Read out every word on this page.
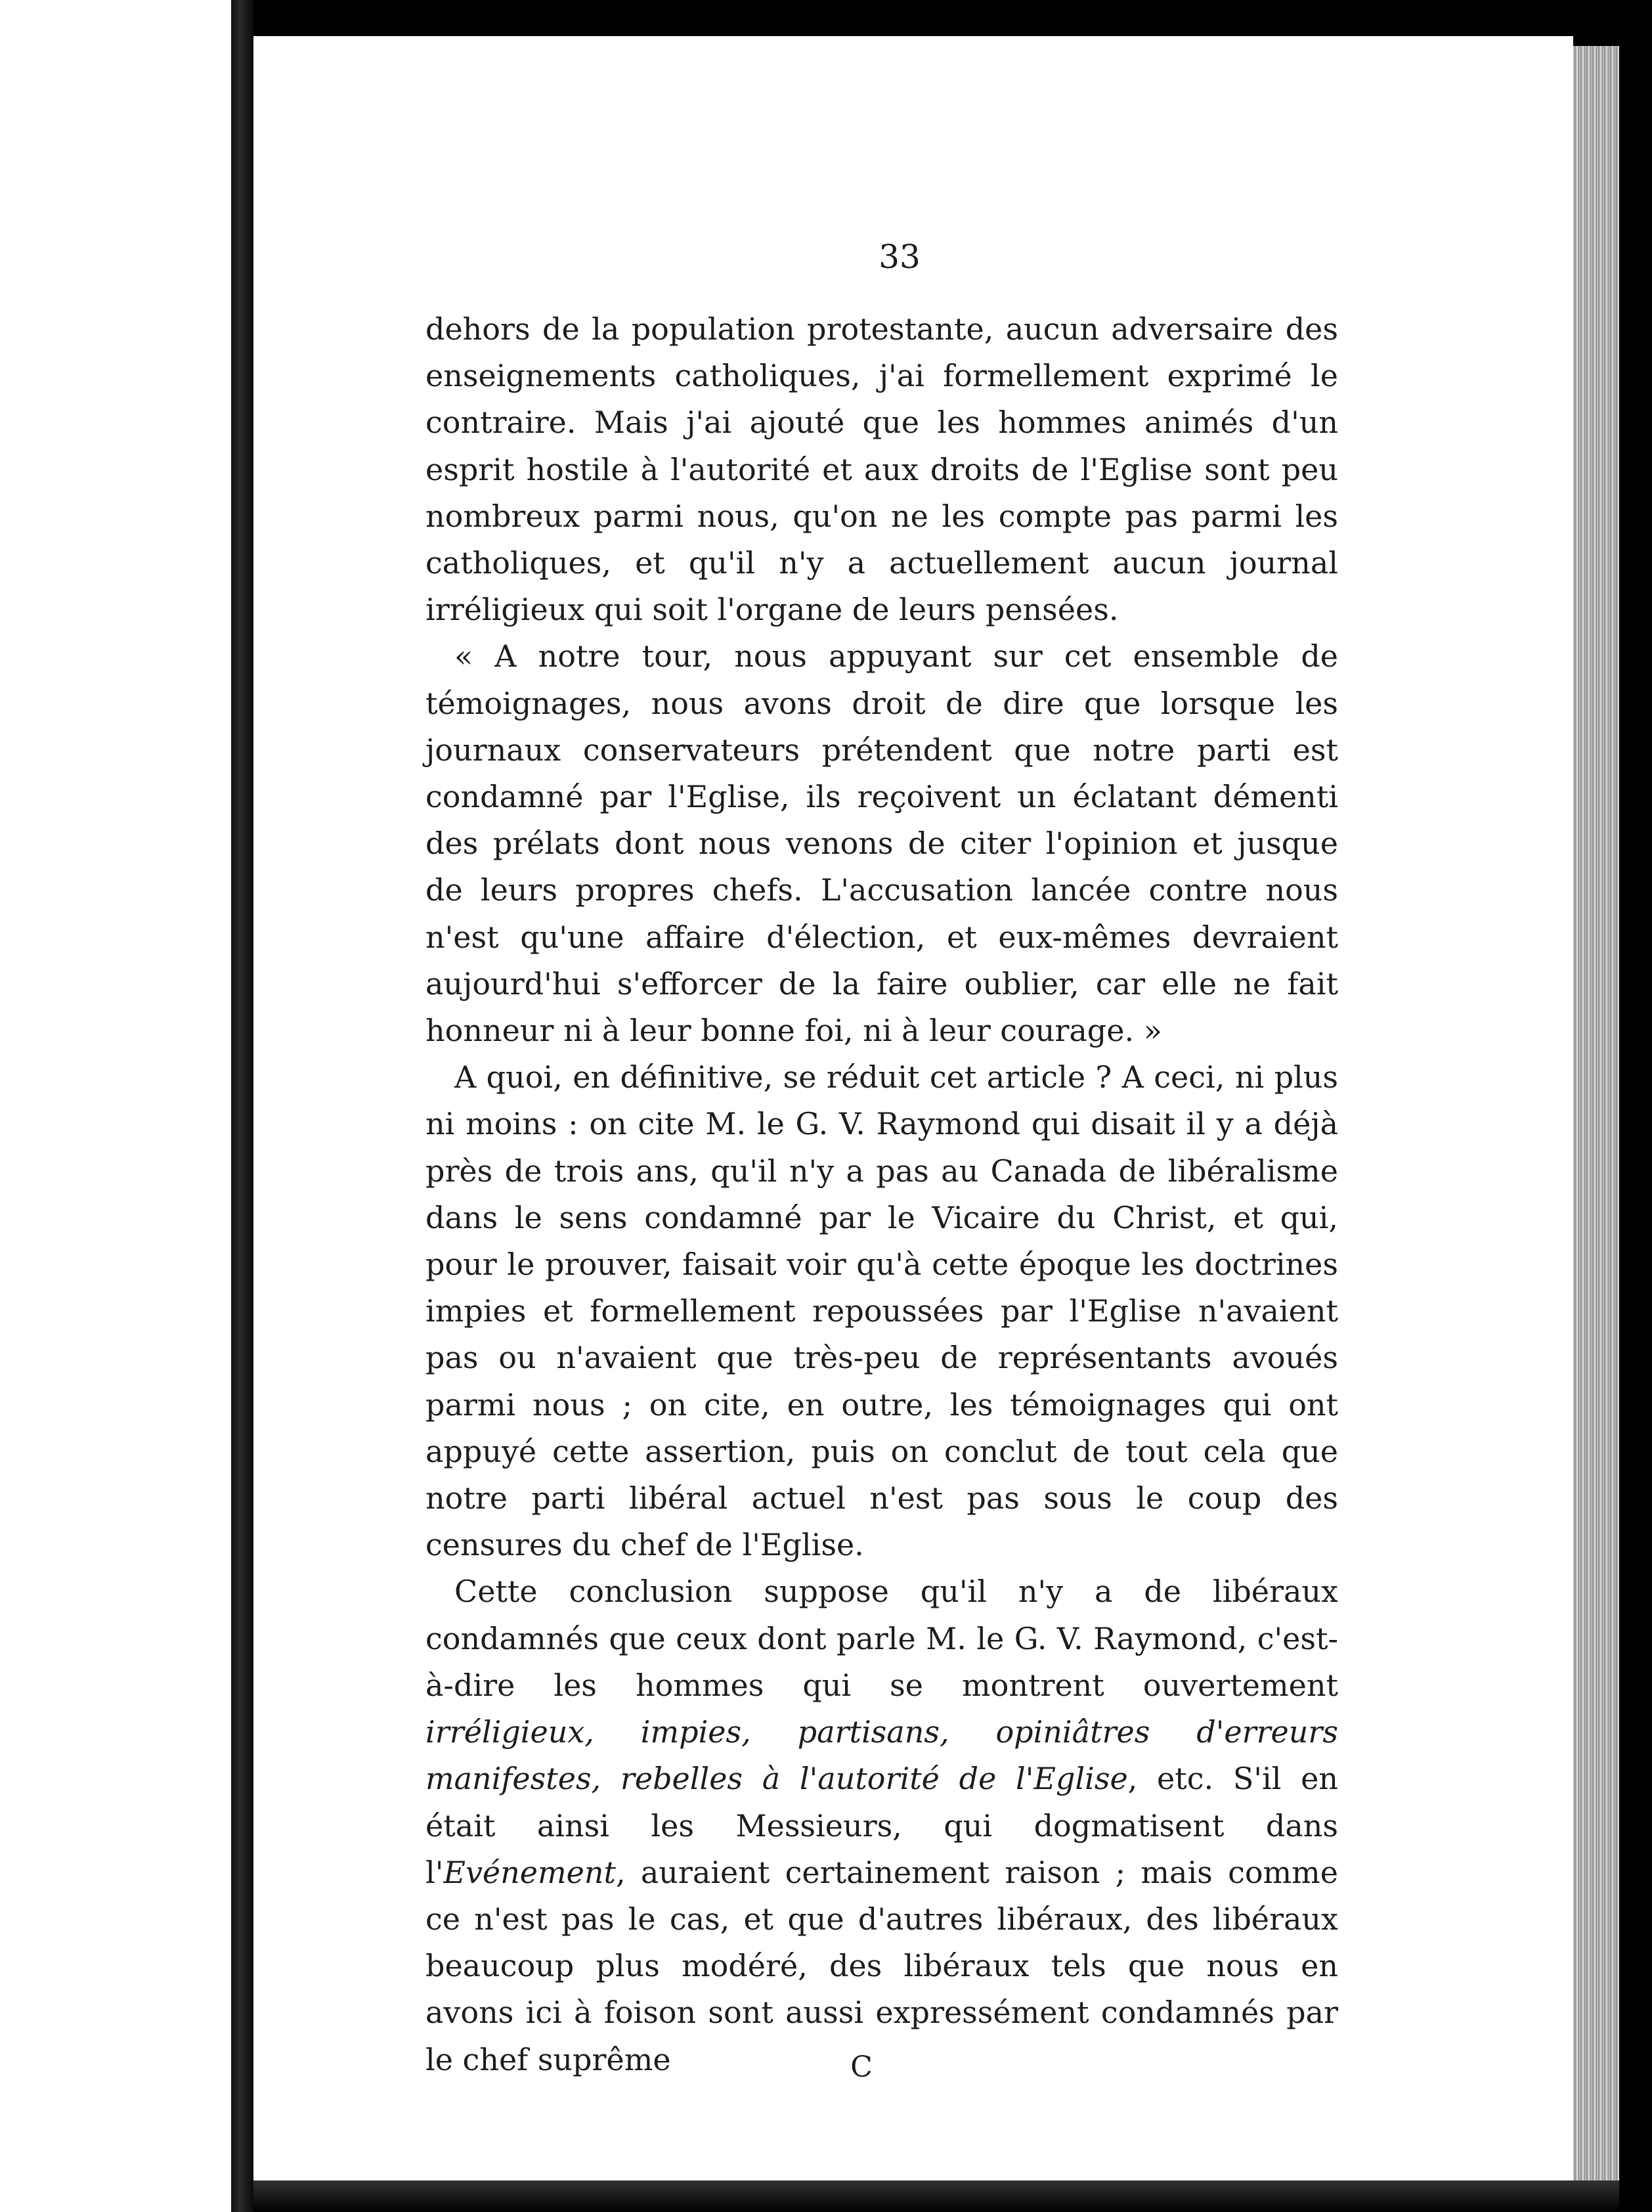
33

dehors de la population protestante, aucun adversaire des enseignements catholiques, j'ai formellement exprimé le contraire. Mais j'ai ajouté que les hommes animés d'un esprit hostile à l'autorité et aux droits de l'Eglise sont peu nombreux parmi nous, qu'on ne les compte pas parmi les catholiques, et qu'il n'y a actuellement aucun journal irréligieux qui soit l'organe de leurs pensées.

« A notre tour, nous appuyant sur cet ensemble de témoignages, nous avons droit de dire que lorsque les journaux conservateurs prétendent que notre parti est condamné par l'Eglise, ils reçoivent un éclatant démenti des prélats dont nous venons de citer l'opinion et jusque de leurs propres chefs. L'accusation lancée contre nous n'est qu'une affaire d'élection, et eux-mêmes devraient aujourd'hui s'efforcer de la faire oublier, car elle ne fait honneur ni à leur bonne foi, ni à leur courage. »

A quoi, en définitive, se réduit cet article ? A ceci, ni plus ni moins : on cite M. le G. V. Raymond qui disait il y a déjà près de trois ans, qu'il n'y a pas au Canada de libéralisme dans le sens condamné par le Vicaire du Christ, et qui, pour le prouver, faisait voir qu'à cette époque les doctrines impies et formellement repoussées par l'Eglise n'avaient pas ou n'avaient que très-peu de représentants avoués parmi nous ; on cite, en outre, les témoignages qui ont appuyé cette assertion, puis on conclut de tout cela que notre parti libéral actuel n'est pas sous le coup des censures du chef de l'Eglise.

Cette conclusion suppose qu'il n'y a de libéraux condamnés que ceux dont parle M. le G. V. Raymond, c'est-à-dire les hommes qui se montrent ouvertement irréligieux, impies, partisans, opiniâtres d'erreurs manifestes, rebelles à l'autorité de l'Eglise, etc. S'il en était ainsi les Messieurs, qui dogmatisent dans l'Evénement, auraient certainement raison ; mais comme ce n'est pas le cas, et que d'autres libéraux, des libéraux beaucoup plus modéré, des libéraux tels que nous en avons ici à foison sont aussi expressément condamnés par le chef suprême	C
